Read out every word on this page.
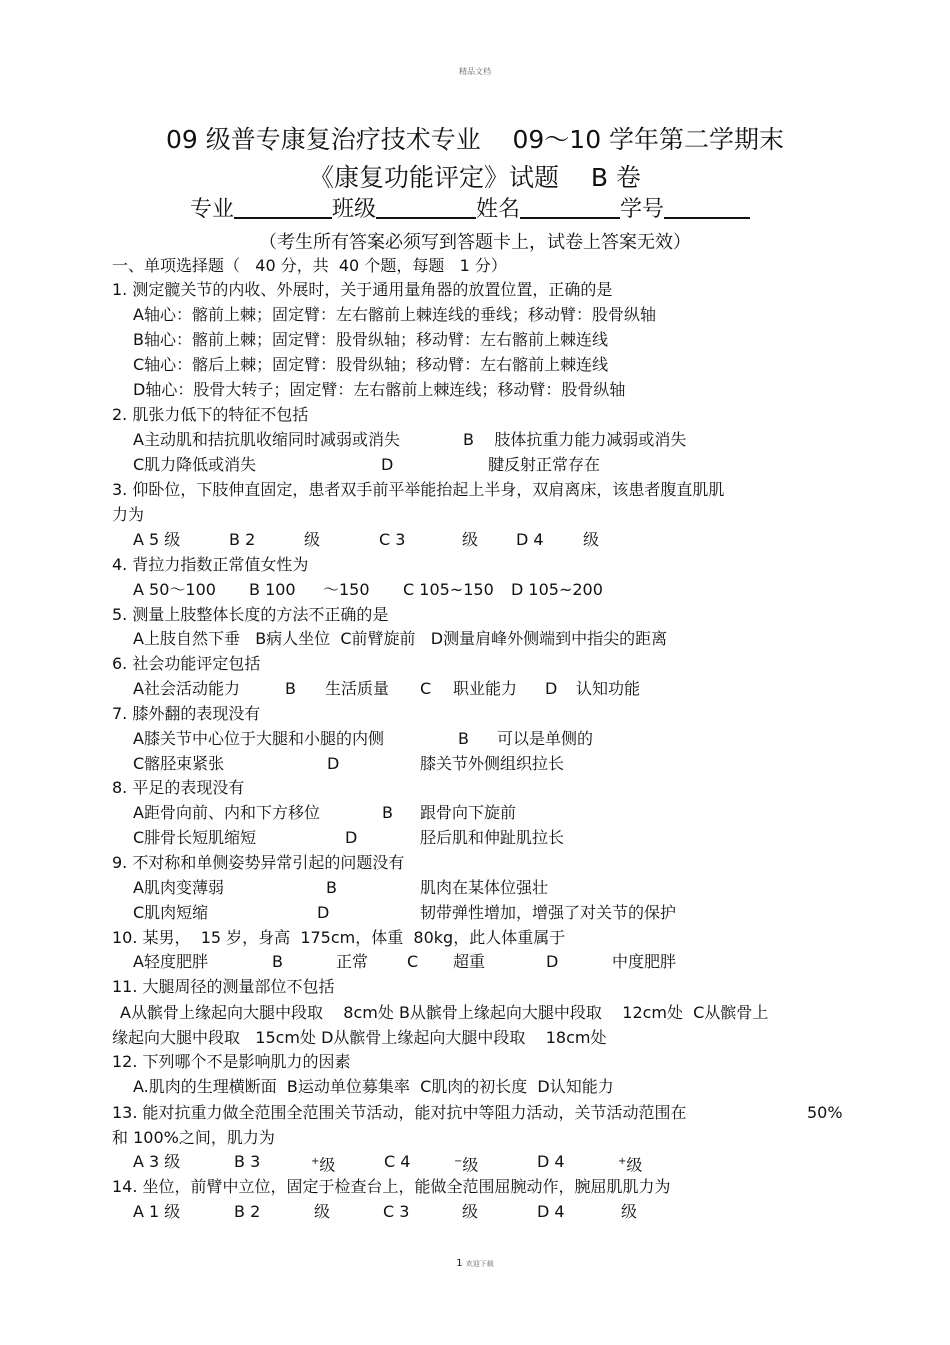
精品文档
09 级普专康复治疗技术专业    09～10 学年第二学期末
《康复功能评定》试题    B 卷
专业	班级	姓名	学号
（考生所有答案必须写到答题卡上，试卷上答案无效）
一、单项选择题（   40 分，共  40 个题，每题   1 分）
1. 测定髋关节的内收、外展时，关于通用量角器的放置位置，正确的是
A轴心：髂前上棘；固定臂：左右髂前上棘连线的垂线；移动臂：股骨纵轴
B轴心：髂前上棘；固定臂：股骨纵轴；移动臂：左右髂前上棘连线
C轴心：髂后上棘；固定臂：股骨纵轴；移动臂：左右髂前上棘连线
D轴心：股骨大转子；固定臂：左右髂前上棘连线；移动臂：股骨纵轴
2. 肌张力低下的特征不包括
A主动肌和拮抗肌收缩同时减弱或消失	B    肢体抗重力能力减弱或消失
C肌力降低或消失	D	腱反射正常存在
3. 仰卧位，下肢伸直固定，患者双手前平举能抬起上半身，双肩离床，该患者腹直肌肌
力为
A 5 级	B 2	级	C 3	级 D 4 级
4. 背拉力指数正常值女性为
A 50～100 B 100 ～150 C 105~150 D 105~200
5. 测量上肢整体长度的方法不正确的是
A上肢自然下垂   B病人坐位  C前臂旋前   D测量肩峰外侧端到中指尖的距离
6. 社会功能评定包括
A社会活动能力	B 生活质量 C 职业能力 D 认知功能
7. 膝外翻的表现没有
A膝关节中心位于大腿和小腿的内侧	B 可以是单侧的
C髂胫束紧张	D	膝关节外侧组织拉长
8. 平足的表现没有
A距骨向前、内和下方移位	B 跟骨向下旋前
C腓骨长短肌缩短	D	胫后肌和伸趾肌拉长
9. 不对称和单侧姿势异常引起的问题没有
A肌肉变薄弱	B	肌肉在某体位强壮
C肌肉短缩	D	韧带弹性增加，增强了对关节的保护
10. 某男，  15 岁，身高  175cm，体重  80kg，此人体重属于
A轻度肥胖	B	正常 C 超重	D	中度肥胖
11. 大腿周径的测量部位不包括
A从髌骨上缘起向大腿中段取    8cm处 B从髌骨上缘起向大腿中段取    12cm处  C从髌骨上
缘起向大腿中段取   15cm处 D从髌骨上缘起向大腿中段取    18cm处
12. 下列哪个不是影响肌力的因素
A.肌肉的生理横断面  B运动单位募集率  C肌肉的初长度  D认知能力
13. 能对抗重力做全范围全范围关节活动，能对抗中等阻力活动，关节活动范围在	50%
和 100%之间，肌力为
A 3 级	B 3	+级	C 4	−级	D 4	+级
14. 坐位，前臂中立位，固定于检查台上，能做全范围屈腕动作，腕屈肌肌力为
A 1 级	B 2	级	C 3	级	D 4	级
1 欢迎下载
